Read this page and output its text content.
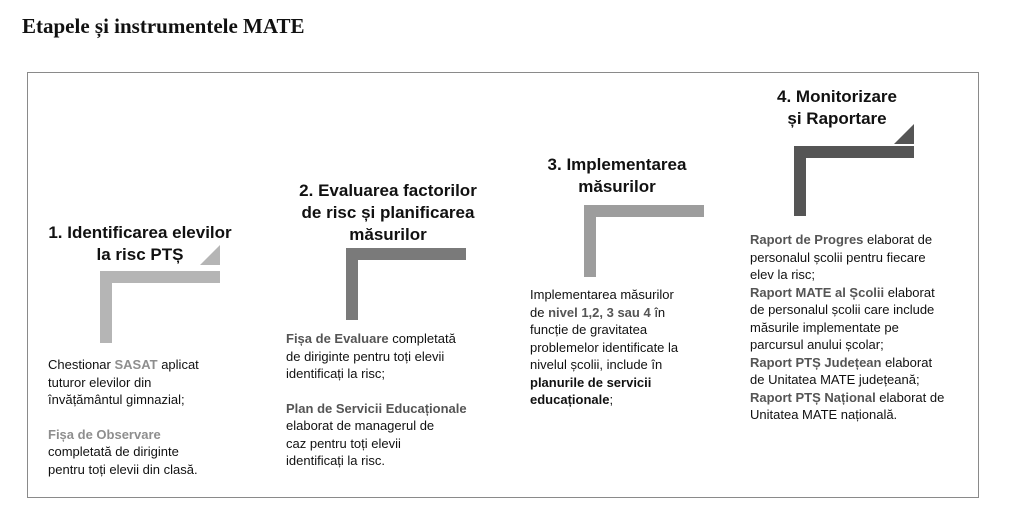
Etapele și instrumentele MATE
1. Identificarea elevilor
la risc PTȘ
Chestionar SASAT aplicat
tuturor elevilor din
învățământul gimnazial;
Fișa de Observare
completată de diriginte
pentru toți elevii din clasă.
2. Evaluarea factorilor
de risc și planificarea
măsurilor
Fișa de Evaluare completată
de diriginte pentru toți elevii
identificați la risc;
Plan de Servicii Educaționale
elaborat de managerul de
caz pentru toți elevii
identificați la risc.
3. Implementarea
măsurilor
Implementarea măsurilor
de nivel 1,2, 3 sau 4 în
funcție de gravitatea
problemelor identificate la
nivelul școlii, include în
planurile de servicii
educaționale;
4. Monitorizare
și Raportare
Raport de Progres elaborat de
personalul școlii pentru fiecare
elev la risc;
Raport MATE al Școlii elaborat
de personalul școlii care include
măsurile implementate pe
parcursul anului școlar;
Raport PTȘ Județean elaborat
de Unitatea MATE județeană;
Raport PTȘ Național elaborat de
Unitatea MATE națională.
